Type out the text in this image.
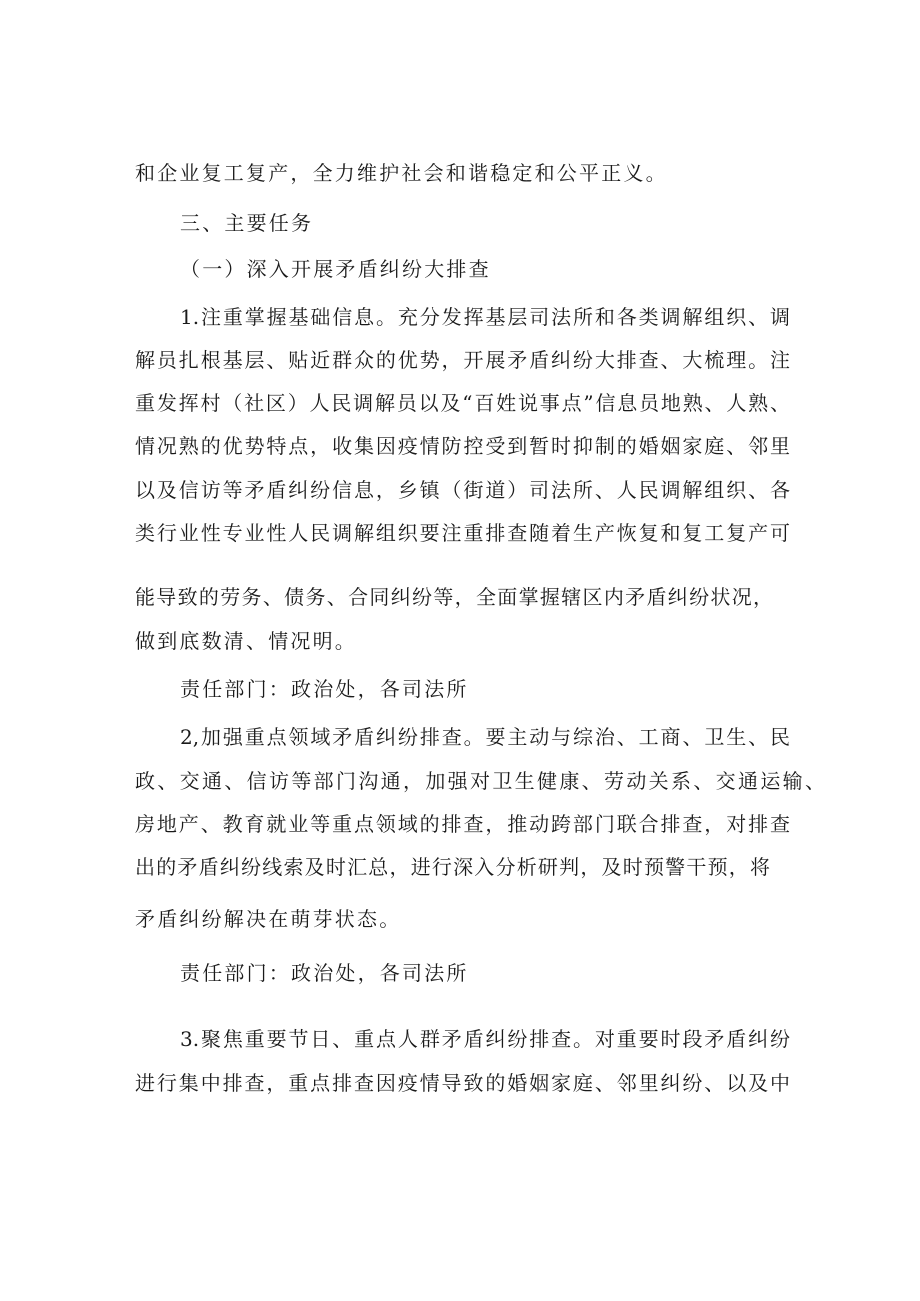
和企业复工复产，全力维护社会和谐稳定和公平正义。
三、主要任务
（一）深入开展矛盾纠纷大排查
1.注重掌握基础信息。充分发挥基层司法所和各类调解组织、调
解员扎根基层、贴近群众的优势，开展矛盾纠纷大排查、大梳理。注
重发挥村（社区）人民调解员以及“百姓说事点”信息员地熟、人熟、
情况熟的优势特点，收集因疫情防控受到暂时抑制的婚姻家庭、邻里
以及信访等矛盾纠纷信息，乡镇（街道）司法所、人民调解组织、各
类行业性专业性人民调解组织要注重排查随着生产恢复和复工复产可
能导致的劳务、债务、合同纠纷等，全面掌握辖区内矛盾纠纷状况，
做到底数清、情况明。
责任部门：政治处，各司法所
2,加强重点领域矛盾纠纷排查。要主动与综治、工商、卫生、民
政、交通、信访等部门沟通，加强对卫生健康、劳动关系、交通运输、
房地产、教育就业等重点领域的排查，推动跨部门联合排查，对排查
出的矛盾纠纷线索及时汇总，进行深入分析研判，及时预警干预，将
矛盾纠纷解决在萌芽状态。
责任部门：政治处，各司法所
3.聚焦重要节日、重点人群矛盾纠纷排查。对重要时段矛盾纠纷
进行集中排查，重点排查因疫情导致的婚姻家庭、邻里纠纷、以及中
